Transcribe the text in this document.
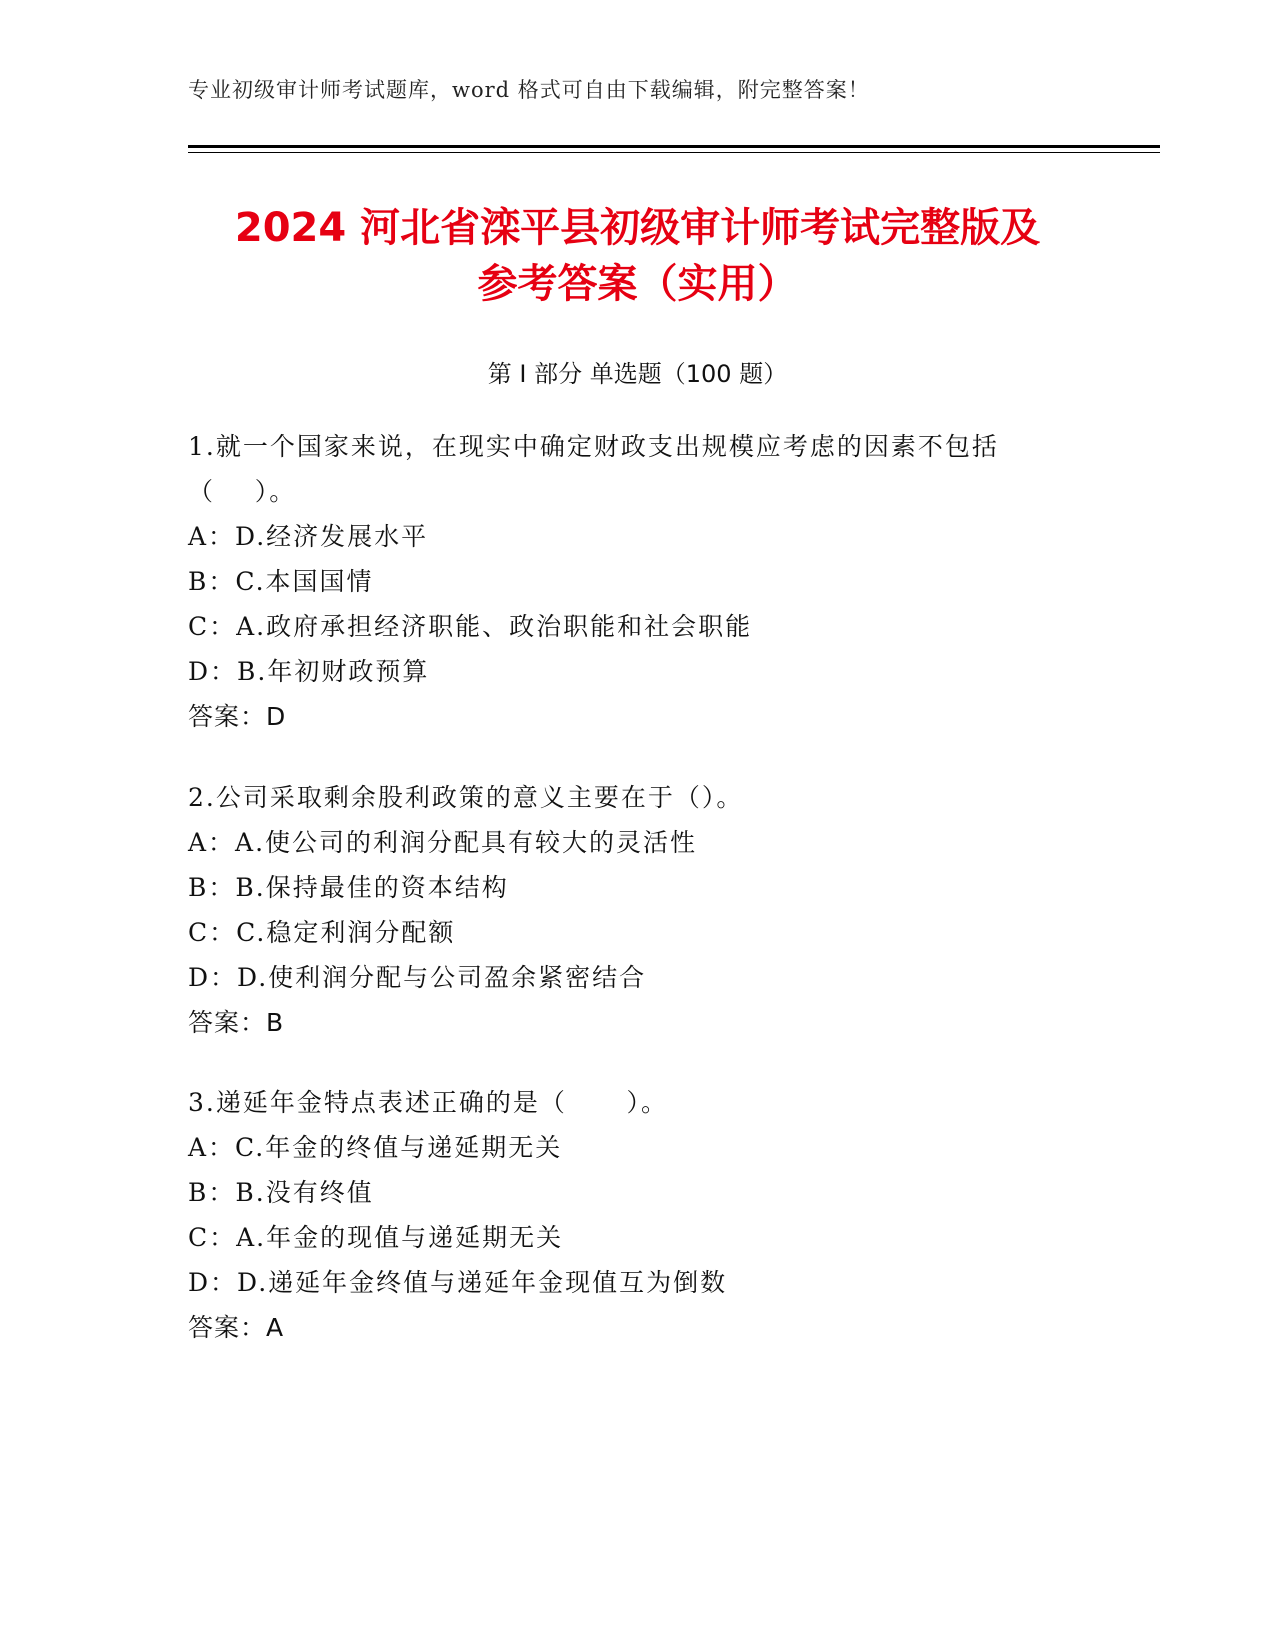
专业初级审计师考试题库，word 格式可自由下载编辑，附完整答案！
2024 河北省滦平县初级审计师考试完整版及
参考答案（实用）
第 I 部分 单选题（100 题）
1.就一个国家来说，在现实中确定财政支出规模应考虑的因素不包括
（    ）。
A：D.经济发展水平
B：C.本国国情
C：A.政府承担经济职能、政治职能和社会职能
D：B.年初财政预算
答案：D
2.公司采取剩余股利政策的意义主要在于（）。
A：A.使公司的利润分配具有较大的灵活性
B：B.保持最佳的资本结构
C：C.稳定利润分配额
D：D.使利润分配与公司盈余紧密结合
答案：B
3.递延年金特点表述正确的是（      ）。
A：C.年金的终值与递延期无关
B：B.没有终值
C：A.年金的现值与递延期无关
D：D.递延年金终值与递延年金现值互为倒数
答案：A
